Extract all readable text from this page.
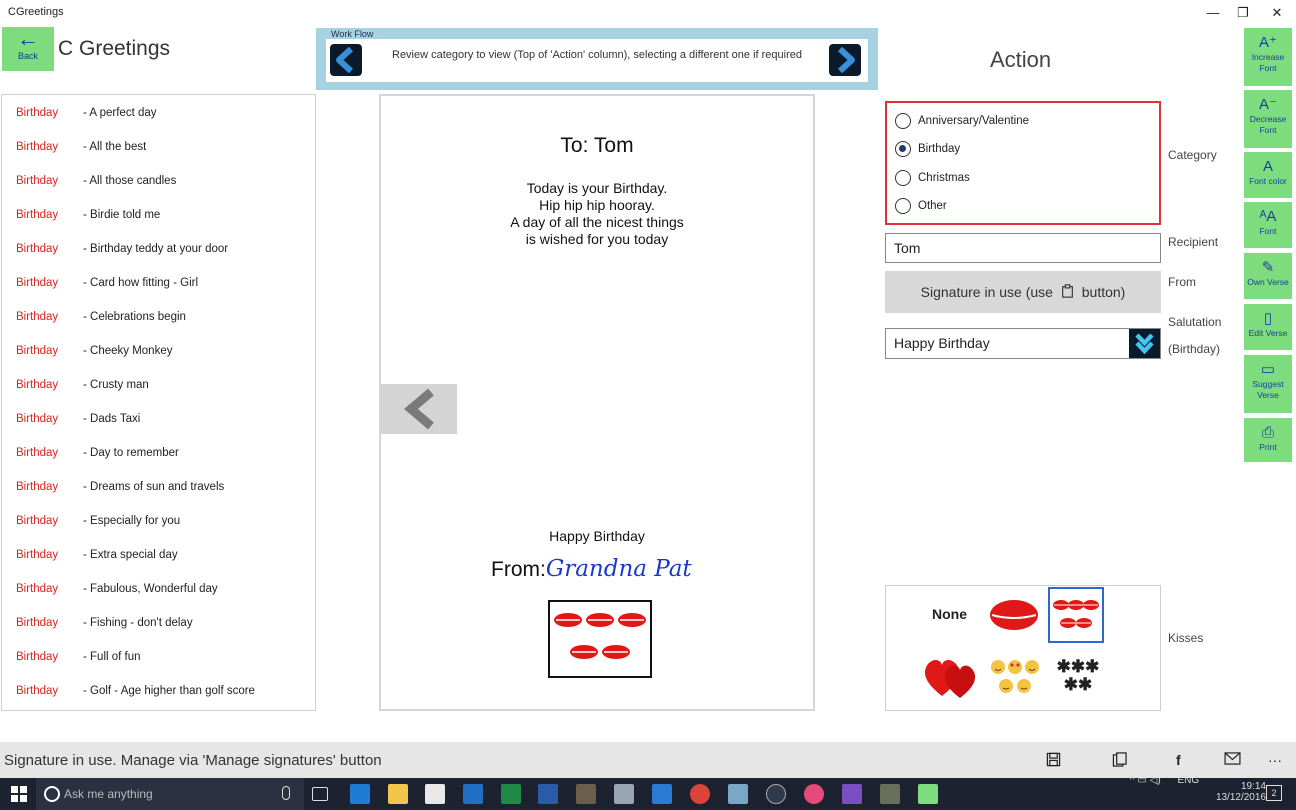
CGreetings	—	❐	✕
←
Back C Greetings
Birthday - A perfect day
Birthday - All the best
Birthday - All those candles
Birthday - Birdie told me
Birthday - Birthday teddy at your door
Birthday - Card how fitting - Girl
Birthday - Celebrations begin
Birthday - Cheeky Monkey
Birthday - Crusty man
Birthday - Dads Taxi
Birthday - Day to remember
Birthday - Dreams of sun and travels
Birthday - Especially for you
Birthday - Extra special day
Birthday - Fabulous, Wonderful day
Birthday - Fishing - don't delay
Birthday - Full of fun
Birthday - Golf - Age higher than golf score
Work Flow
Review category to view (Top of 'Action' column), selecting a different one if required
To: Tom
Today is your Birthday.
Hip hip hip hooray.
A day of all the nicest things
is wished for you today
Happy Birthday
From:Grandna Pat
Action
Anniversary/Valentine
Birthday
Christmas
Other
Category
Tom
Recipient
Signature in use (use button)
From
Happy Birthday
Salutation
(Birthday)
None
✱✱✱ ✱✱
Kisses
A⁺
Increase Font
A⁻
Decrease Font
A
Font color
ᴬA
Font
✎
Own Verse
▯
Edit Verse
▭
Suggest Verse
⎙
Print
Signature in use. Manage via 'Manage signatures' button	f	···
Ask me anything
^ ▭ ◁) ENG
19:14
13/12/2016 2
